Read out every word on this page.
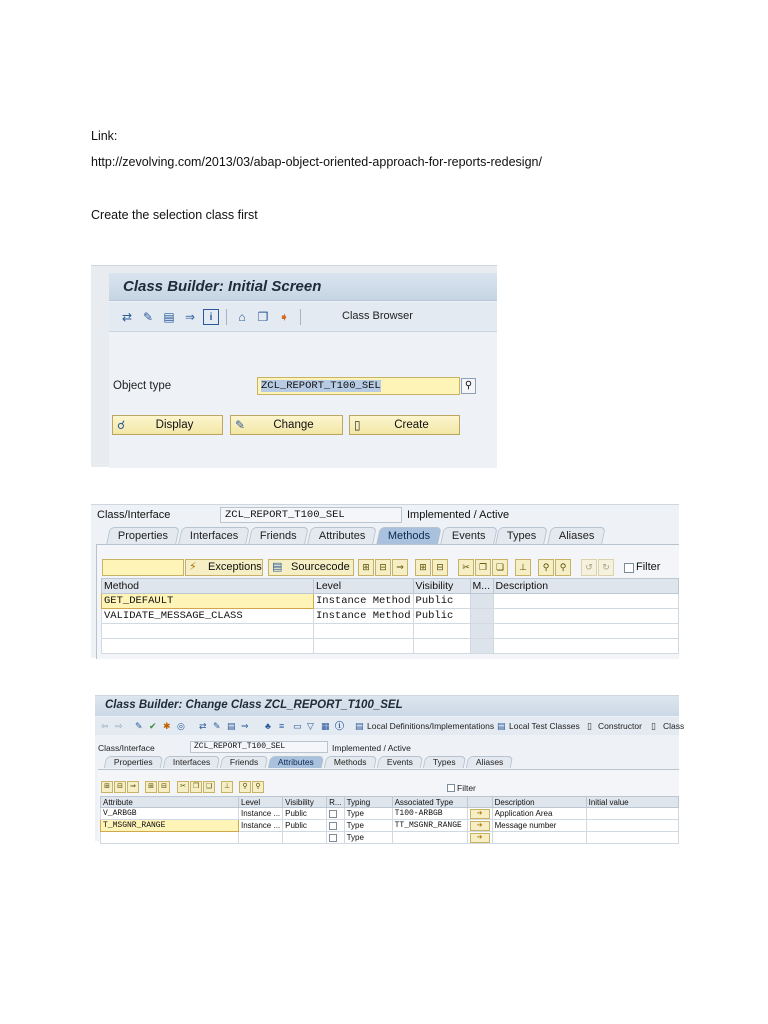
Link:
http://zevolving.com/2013/03/abap-object-oriented-approach-for-reports-redesign/
Create the selection class first
Class Builder: Initial Screen
⇄ ✎ ▤ ⇒	i	⌂ ❐ ➧	Class Browser
Object type	ZCL_REPORT_T100_SEL	⚲
☌	Display	✎	Change	▯	Create
Class/Interface	ZCL_REPORT_T100_SEL	Implemented / Active
Properties	Interfaces	Friends	Attributes	Methods	Events	Types	Aliases
⚡ Exceptions ▤ Sourcecode	⊞	⊟	⇒	⊞	⊟	✂	❐ ❏	⊥	⚲	⚲	↺	↻	Filter
Method	Level	Visibility	M...	Description
GET_DEFAULT	Instance Method	Public		
VALIDATE_MESSAGE_CLASS	Instance Method	Public		

Class Builder: Change Class ZCL_REPORT_T100_SEL
⇦ ⇨ ✎ ✔ ✱ ◎ ⇄ ✎ ▤ ⇒ ♣ ≡ ▭ ▽ ▦ ⓘ ▤ Local Definitions/Implementations ▤ Local Test Classes ▯ Constructor ▯ Class
Class/Interface	ZCL_REPORT_T100_SEL	Implemented / Active
Properties	Interfaces	Friends	Attributes	Methods	Events	Types	Aliases
⊞	⊟	⇒	⊞	⊟	✂ ❐ ❏	⊥	⚲	⚲	Filter
Attribute	Level	Visibility	R...	Typing	Associated Type		Description	Initial value
V_ARBGB	Instance ...	Public		Type	T100-ARBGB	➔	Application Area	
T_MSGNR_RANGE	Instance ...	Public		Type	TT_MSGNR_RANGE	➔	Message number	
				Type		➔		
